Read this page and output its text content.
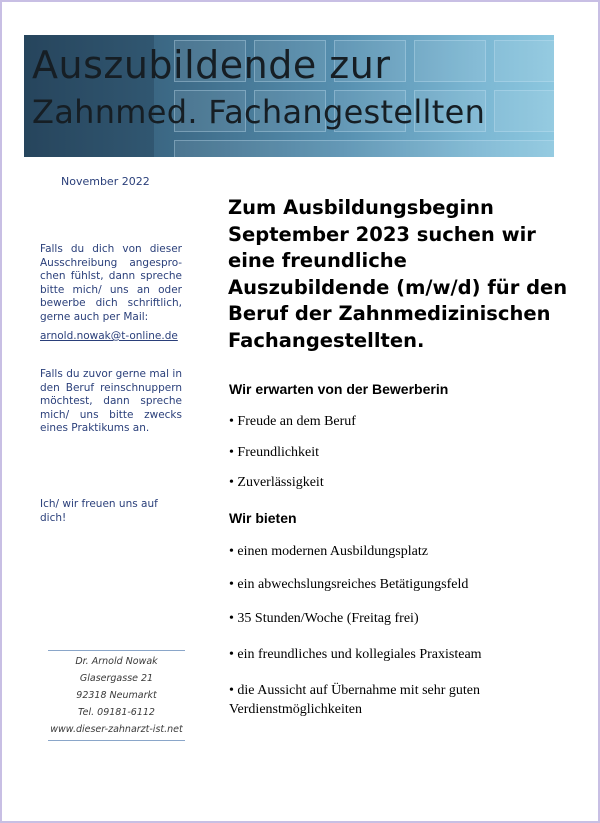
Auszubildende zur
Zahnmed. Fachangestellten
November 2022
Falls du dich von dieser Ausschreibung angesprochen fühlst, dann spreche bitte mich/ uns an oder bewerbe dich schriftlich, gerne auch per Mail:
arnold.nowak@t-online.de
Falls du zuvor gerne mal in den Beruf reinschnuppern möchtest, dann spreche mich/ uns bitte zwecks eines Praktikums an.
Ich/ wir freuen uns auf dich!
Dr. Arnold Nowak
Glasergasse 21
92318 Neumarkt
Tel. 09181-6112
www.dieser-zahnarzt-ist.net

Zum Ausbildungsbeginn September 2023 suchen wir eine freundliche Auszubildende (m/w/d) für den Beruf der Zahnmedizinischen Fachangestellten.

Wir erwarten von der Bewerberin
• Freude an dem Beruf
• Freundlichkeit
• Zuverlässigkeit
Wir bieten
• einen modernen Ausbildungsplatz
• ein abwechslungsreiches Betätigungsfeld
• 35 Stunden/Woche (Freitag frei)
• ein freundliches und kollegiales Praxisteam
• die Aussicht auf Übernahme mit sehr guten Verdienstmöglichkeiten
